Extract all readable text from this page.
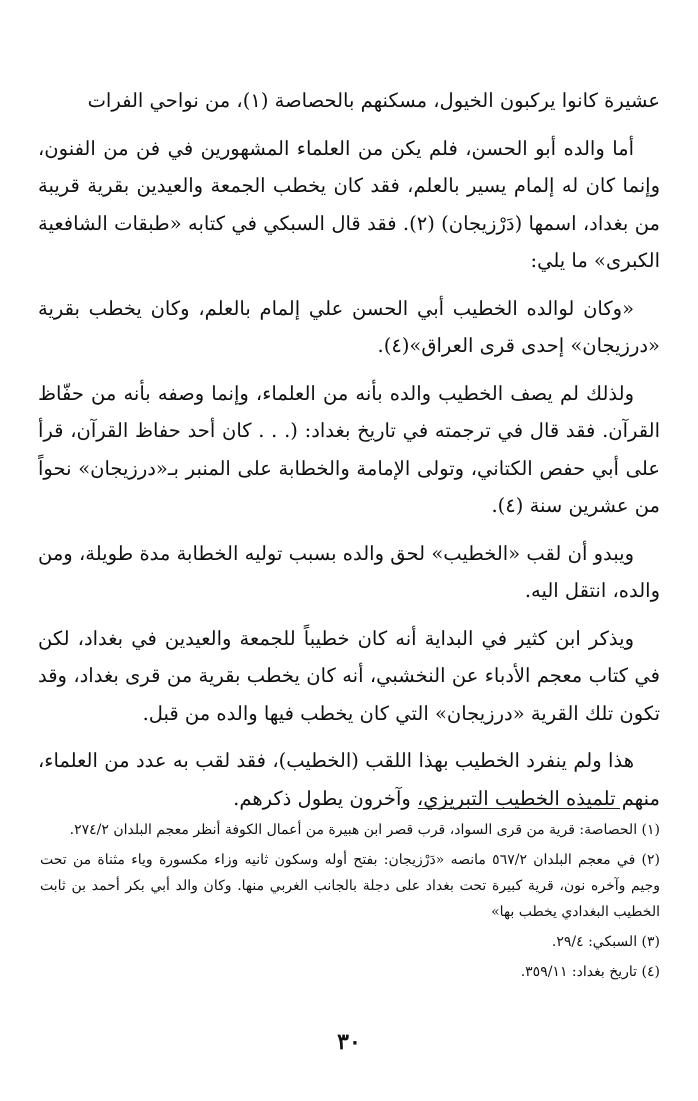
عشيرة كانوا يركبون الخيول، مسكنهم بالحصاصة (١)، من نواحي الفرات

أما والده أبو الحسن، فلم يكن من العلماء المشهورين في فن من الفنون، وإنما كان له إلمام يسير بالعلم، فقد كان يخطب الجمعة والعيدين بقرية قريبة من بغداد، اسمها (دَرْزيجان) (٢). فقد قال السبكي في كتابه «طبقات الشافعية الكبرى» ما يلي:

«وكان لوالده الخطيب أبي الحسن علي إلمام بالعلم، وكان يخطب بقرية «درزيجان» إحدى قرى العراق»(٤).

ولذلك لم يصف الخطيب والده بأنه من العلماء، وإنما وصفه بأنه من حفّاظ القرآن. فقد قال في ترجمته في تاريخ بغداد: (. . . كان أحد حفاظ القرآن، قرأ على أبي حفص الكتاني، وتولى الإمامة والخطابة على المنبر بـ«درزيجان» نحواً من عشرين سنة (٤).

ويبدو أن لقب «الخطيب» لحق والده بسبب توليه الخطابة مدة طويلة، ومن والده، انتقل اليه.

ويذكر ابن كثير في البداية أنه كان خطيباً للجمعة والعيدين في بغداد، لكن في كتاب معجم الأدباء عن النخشبي، أنه كان يخطب بقرية من قرى بغداد، وقد تكون تلك القرية «درزيجان» التي كان يخطب فيها والده من قبل.

هذا ولم ينفرد الخطيب بهذا اللقب (الخطيب)، فقد لقب به عدد من العلماء، منهم تلميذه الخطيب التبريزي، وآخرون يطول ذكرهم.

(١) الحصاصة: قرية من قرى السواد، قرب قصر ابن هبيرة من أعمال الكوفة أنظر معجم البلدان ٢٧٤/٢.

(٢) في معجم البلدان ٥٦٧/٢ مانصه «دَرْزيجان: بفتح أوله وسكون ثانيه وزاء مكسورة وياء مثناة من تحت وجيم وآخره نون، قرية كبيرة تحت بغداد على دجلة بالجانب الغربي منها. وكان والد أبي بكر أحمد بن ثابت الخطيب البغدادي يخطب بها»

(٣) السبكي: ٢٩/٤.

(٤) تاريخ بغداد: ٣٥٩/١١.

٣٠
